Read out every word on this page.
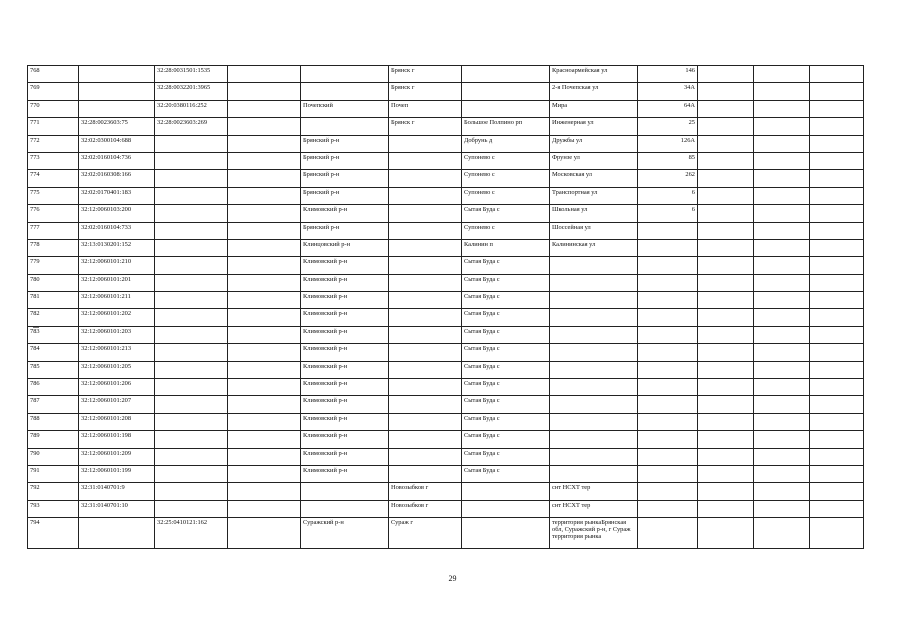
768		32:28:0031501:1535			Брянск г		Красноармейская ул	146			
769		32:28:0032201:3965			Брянск г		2-я Почепская ул	34А			
770		32:20:0380116:252		Почепский	Почеп		Мира	64А			
771	32:28:0023603:75	32:28:0023603:269			Брянск г	Большое Полпино рп	Инженерная ул	25			
772	32:02:0300104:688			Брянский р-н		Добрунь д	Дружбы ул	126А			
773	32:02:0160104:736			Брянский р-н		Супонево с	Фрунзе ул	85			
774	32:02:0160308:166			Брянский р-н		Супонево с	Московская ул	262			
775	32:02:0170401:183			Брянский р-н		Супонево с	Транспортная ул	6			
776	32:12:0060103:200			Климовский р-н		Сытая Буда с	Школьная ул	6			
777	32:02:0160104:733			Брянский р-н		Супонево с	Шоссейная ул				
778	32:13:0130201:152			Клинцовский р-н		Калинин п	Калининская ул				
779	32:12:0060101:210			Климовский р-н		Сытая Буда с					
780	32:12:0060101:201			Климовский р-н		Сытая Буда с					
781	32:12:0060101:211			Климовский р-н		Сытая Буда с					
782	32:12:0060101:202			Климовский р-н		Сытая Буда с					
783	32:12:0060101:203			Климовский р-н		Сытая Буда с					
784	32:12:0060101:213			Климовский р-н		Сытая Буда с					
785	32:12:0060101:205			Климовский р-н		Сытая Буда с					
786	32:12:0060101:206			Климовский р-н		Сытая Буда с					
787	32:12:0060101:207			Климовский р-н		Сытая Буда с					
788	32:12:0060101:208			Климовский р-н		Сытая Буда с					
789	32:12:0060101:198			Климовский р-н		Сытая Буда с					
790	32:12:0060101:209			Климовский р-н		Сытая Буда с					
791	32:12:0060101:199			Климовский р-н		Сытая Буда с					
792	32:31:0140701:9				Новозыбков г		снт НСХТ тер				
793	32:31:0140701:10				Новозыбков г		снт НСХТ тер				
794		32:25:0410121:162		Суражский р-н	Сураж г		территория рынкаБрянская обл, Суражский р-н, г Сураж территория рынка				
29
